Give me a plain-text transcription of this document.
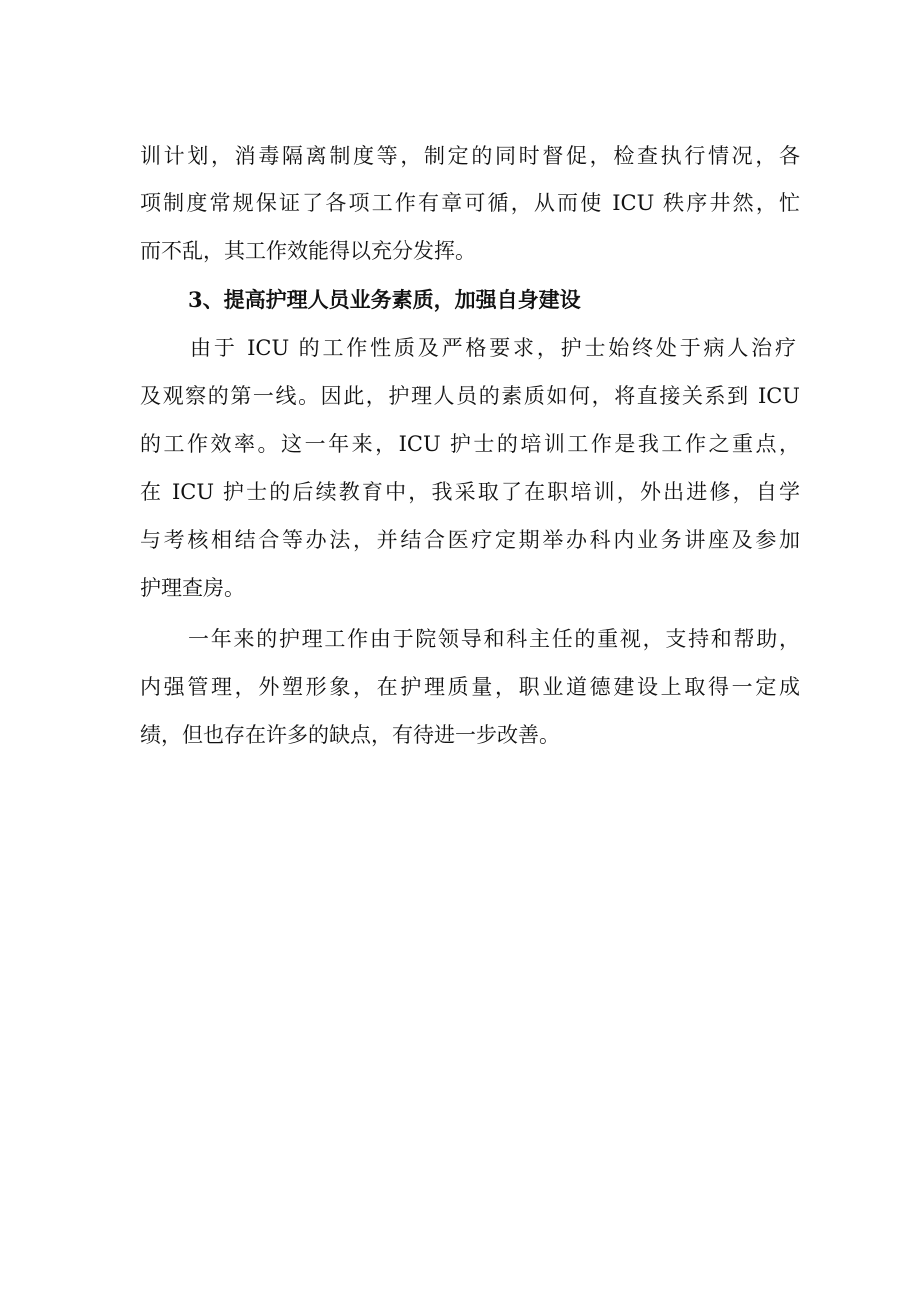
训计划，消毒隔离制度等，制定的同时督促，检查执行情况，各
项制度常规保证了各项工作有章可循，从而使 ICU 秩序井然，忙
而不乱，其工作效能得以充分发挥。
3、提高护理人员业务素质，加强自身建设
由于 ICU 的工作性质及严格要求，护士始终处于病人治疗
及观察的第一线。因此，护理人员的素质如何，将直接关系到 ICU
的工作效率。这一年来，ICU 护士的培训工作是我工作之重点，
在 ICU 护士的后续教育中，我采取了在职培训，外出进修，自学
与考核相结合等办法，并结合医疗定期举办科内业务讲座及参加
护理查房。
一年来的护理工作由于院领导和科主任的重视，支持和帮助，
内强管理，外塑形象，在护理质量，职业道德建设上取得一定成
绩，但也存在许多的缺点，有待进一步改善。
